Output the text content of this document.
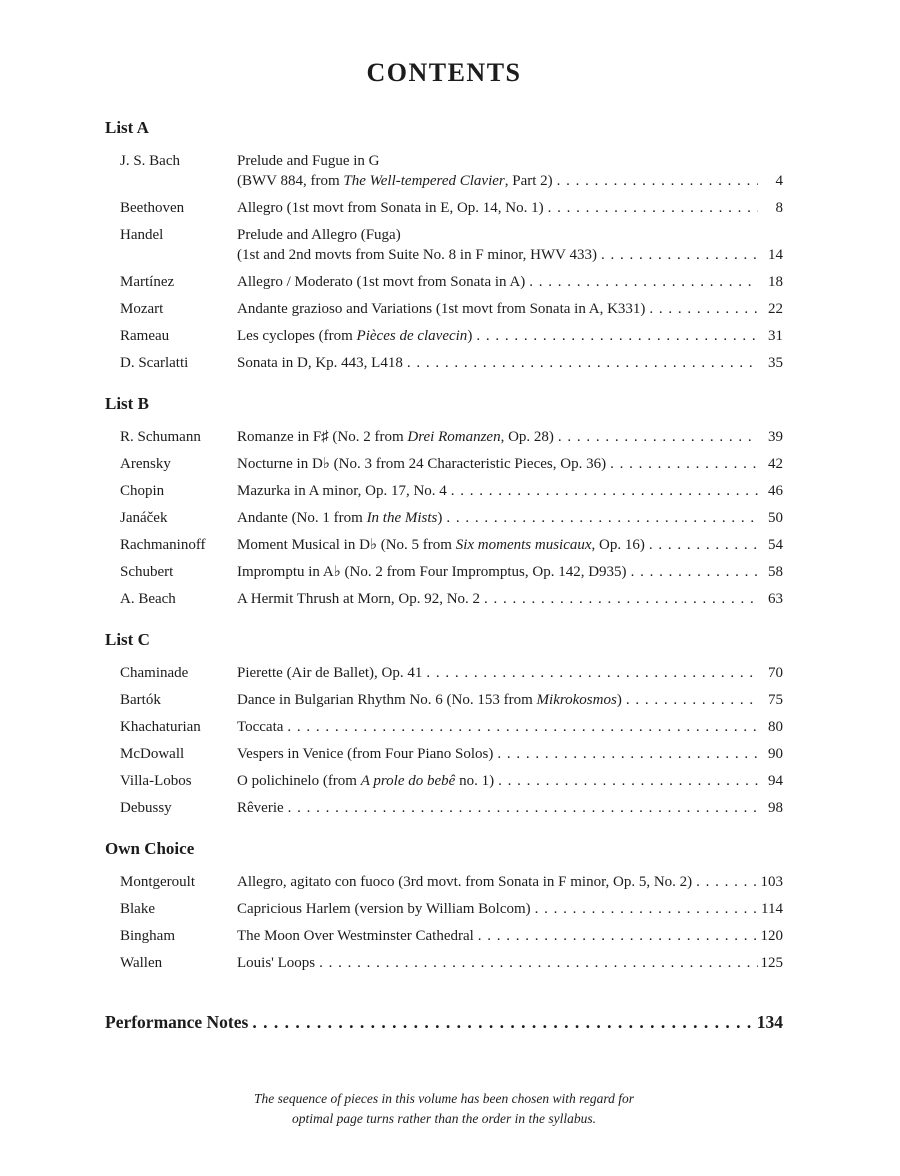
CONTENTS
List A
J. S. Bach	Prelude and Fugue in G
(BWV 884, from The Well-tempered Clavier, Part 2) . . .	4
Beethoven	Allegro (1st movt from Sonata in E, Op. 14, No. 1) . . .	8
Handel	Prelude and Allegro (Fuga)
(1st and 2nd movts from Suite No. 8 in F minor, HWV 433) . . .	14
Martínez	Allegro / Moderato (1st movt from Sonata in A) . . .	18
Mozart	Andante grazioso and Variations (1st movt from Sonata in A, K331) . . .	22
Rameau	Les cyclopes (from Pièces de clavecin) . . .	31
D. Scarlatti	Sonata in D, Kp. 443, L418 . . .	35
List B
R. Schumann	Romanze in F♯ (No. 2 from Drei Romanzen, Op. 28) . . .	39
Arensky	Nocturne in D♭ (No. 3 from 24 Characteristic Pieces, Op. 36) . . .	42
Chopin	Mazurka in A minor, Op. 17, No. 4 . . .	46
Janáček	Andante (No. 1 from In the Mists) . . .	50
Rachmaninoff	Moment Musical in D♭ (No. 5 from Six moments musicaux, Op. 16) . . .	54
Schubert	Impromptu in A♭ (No. 2 from Four Impromptus, Op. 142, D935) . . .	58
A. Beach	A Hermit Thrush at Morn, Op. 92, No. 2 . . .	63
List C
Chaminade	Pierette (Air de Ballet), Op. 41 . . .	70
Bartók	Dance in Bulgarian Rhythm No. 6 (No. 153 from Mikrokosmos) . . .	75
Khachaturian	Toccata . . .	80
McDowall	Vespers in Venice (from Four Piano Solos) . . .	90
Villa-Lobos	O polichinelo (from A prole do bebê no. 1) . . .	94
Debussy	Rêverie . . .	98
Own Choice
Montgeroult	Allegro, agitato con fuoco (3rd movt. from Sonata in F minor, Op. 5, No. 2) . . .	103
Blake	Capricious Harlem (version by William Bolcom) . . .	114
Bingham	The Moon Over Westminster Cathedral . . .	120
Wallen	Louis' Loops . . .	125
Performance Notes . . .	134
The sequence of pieces in this volume has been chosen with regard for
optimal page turns rather than the order in the syllabus.
